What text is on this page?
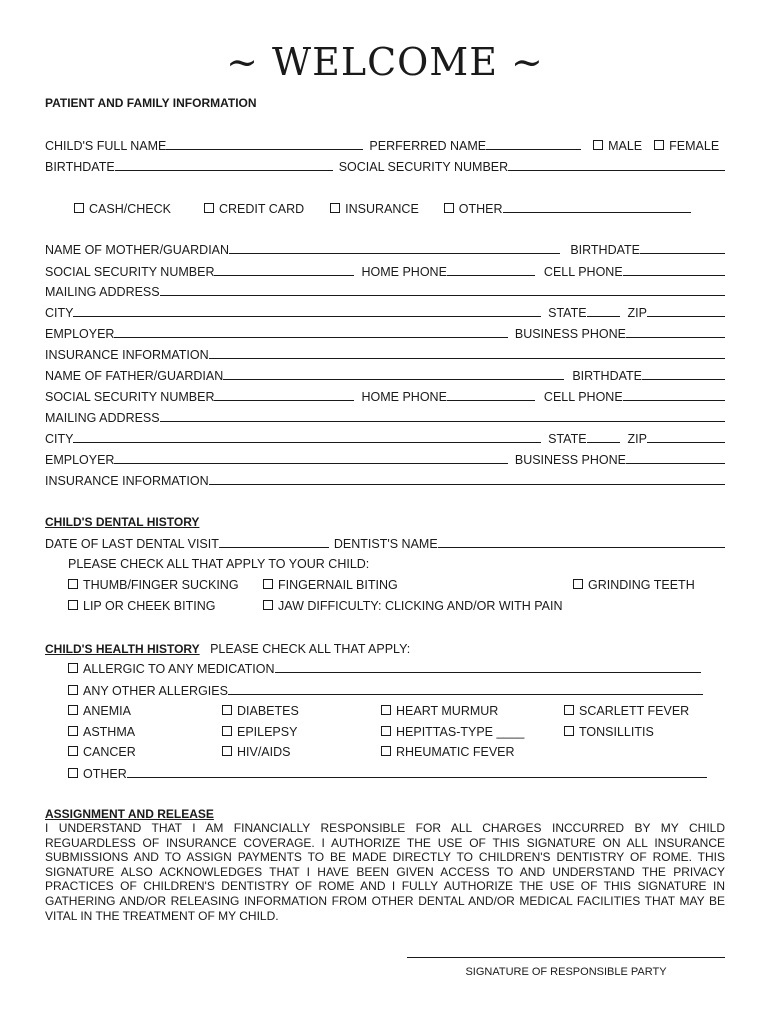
~ WELCOME ~
PATIENT AND FAMILY INFORMATION
CHILD'S FULL NAME	PERFERRED NAME	MALE	FEMALE
BIRTHDATE	SOCIAL SECURITY NUMBER
CASH/CHECK	CREDIT CARD	INSURANCE	OTHER
NAME OF MOTHER/GUARDIAN	BIRTHDATE
SOCIAL SECURITY NUMBER	HOME PHONE	CELL PHONE
MAILING ADDRESS
CITY	STATE	ZIP
EMPLOYER	BUSINESS PHONE
INSURANCE INFORMATION
NAME OF FATHER/GUARDIAN	BIRTHDATE
SOCIAL SECURITY NUMBER	HOME PHONE	CELL PHONE
MAILING ADDRESS
CITY	STATE	ZIP
EMPLOYER	BUSINESS PHONE
INSURANCE INFORMATION
CHILD'S DENTAL HISTORY
DATE OF LAST DENTAL VISIT	DENTIST'S NAME
PLEASE CHECK ALL THAT APPLY TO YOUR CHILD:
THUMB/FINGER SUCKING	FINGERNAIL BITING	GRINDING TEETH
LIP OR CHEEK BITING	JAW DIFFICULTY: CLICKING AND/OR WITH PAIN
CHILD'S HEALTH HISTORY PLEASE CHECK ALL THAT APPLY:
ALLERGIC TO ANY MEDICATION
ANY OTHER ALLERGIES
ANEMIA	DIABETES	HEART MURMUR	SCARLETT FEVER
ASTHMA	EPILEPSY	HEPITTAS-TYPE ____	TONSILLITIS
CANCER	HIV/AIDS	RHEUMATIC FEVER
OTHER
ASSIGNMENT AND RELEASE
I UNDERSTAND THAT I AM FINANCIALLY RESPONSIBLE FOR ALL CHARGES INCCURRED BY MY CHILD REGUARDLESS OF INSURANCE COVERAGE. I AUTHORIZE THE USE OF THIS SIGNATURE ON ALL INSURANCE SUBMISSIONS AND TO ASSIGN PAYMENTS TO BE MADE DIRECTLY TO CHILDREN'S DENTISTRY OF ROME. THIS SIGNATURE ALSO ACKNOWLEDGES THAT I HAVE BEEN GIVEN ACCESS TO AND UNDERSTAND THE PRIVACY PRACTICES OF CHILDREN'S DENTISTRY OF ROME AND I FULLY AUTHORIZE THE USE OF THIS SIGNATURE IN GATHERING AND/OR RELEASING INFORMATION FROM OTHER DENTAL AND/OR MEDICAL FACILITIES THAT MAY BE VITAL IN THE TREATMENT OF MY CHILD.
SIGNATURE OF RESPONSIBLE PARTY
